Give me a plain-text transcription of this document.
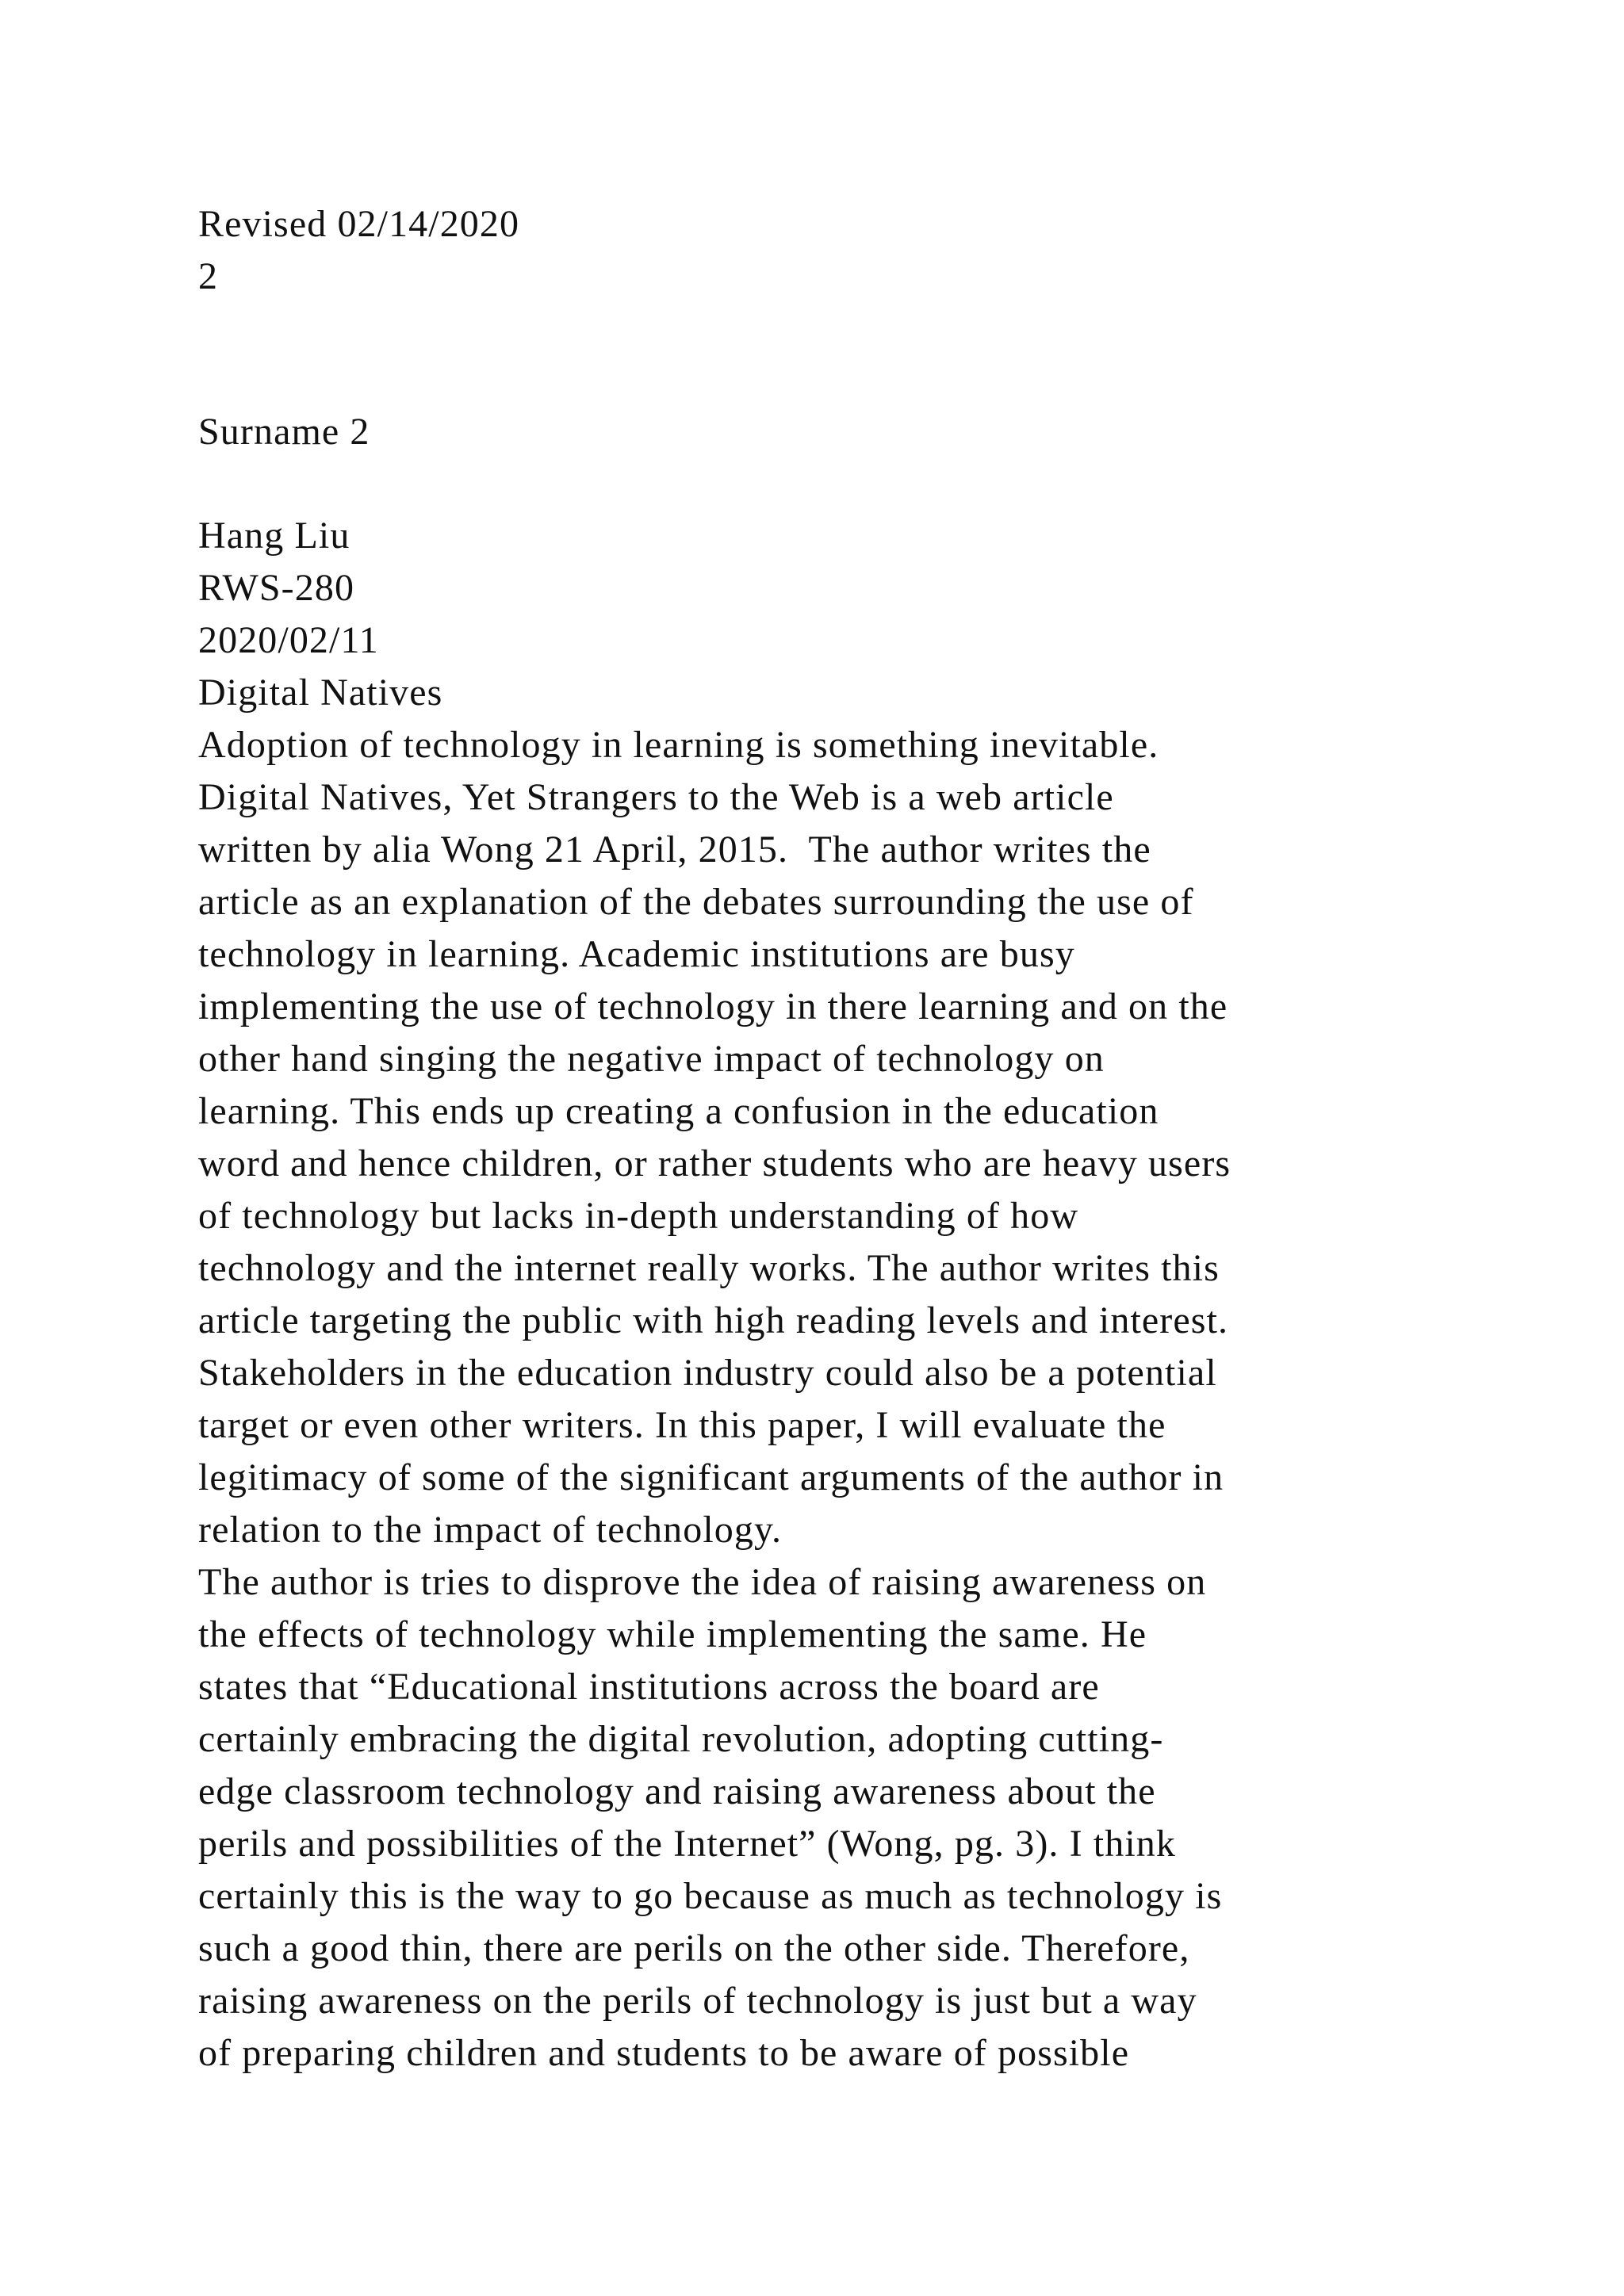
Revised 02/14/2020

2

Surname 2

Hang Liu

RWS-280

2020/02/11

Digital Natives

Adoption of technology in learning is something inevitable.

Digital Natives, Yet Strangers to the Web is a web article

written by alia Wong 21 April, 2015.  The author writes the

article as an explanation of the debates surrounding the use of

technology in learning. Academic institutions are busy

implementing the use of technology in there learning and on the

other hand singing the negative impact of technology on

learning. This ends up creating a confusion in the education

word and hence children, or rather students who are heavy users

of technology but lacks in-depth understanding of how

technology and the internet really works. The author writes this

article targeting the public with high reading levels and interest.

Stakeholders in the education industry could also be a potential

target or even other writers. In this paper, I will evaluate the

legitimacy of some of the significant arguments of the author in

relation to the impact of technology.

The author is tries to disprove the idea of raising awareness on

the effects of technology while implementing the same. He

states that “Educational institutions across the board are

certainly embracing the digital revolution, adopting cutting-

edge classroom technology and raising awareness about the

perils and possibilities of the Internet” (Wong, pg. 3). I think

certainly this is the way to go because as much as technology is

such a good thin, there are perils on the other side. Therefore,

raising awareness on the perils of technology is just but a way

of preparing children and students to be aware of possible
